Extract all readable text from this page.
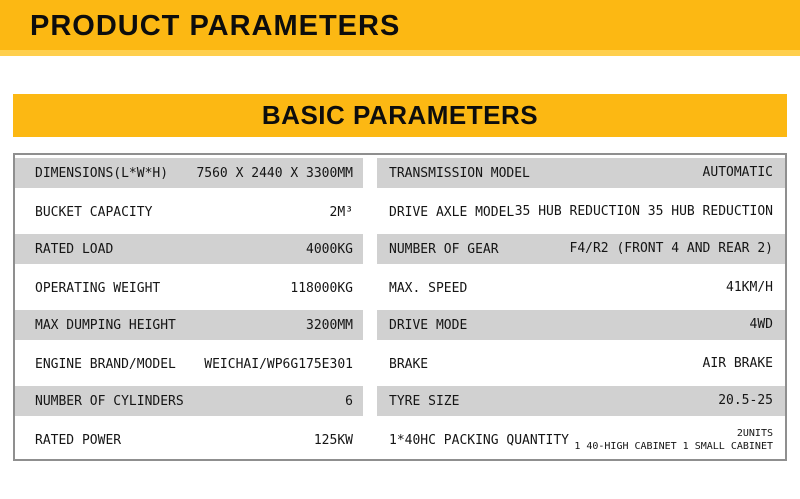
PRODUCT PARAMETERS
BASIC PARAMETERS
DIMENSIONS(L*W*H) 7560 X 2440 X 3300MM	TRANSMISSION MODEL	AUTOMATIC
BUCKET CAPACITY	2M³	DRIVE AXLE MODEL 35 HUB REDUCTION 35 HUB REDUCTION
RATED LOAD	4000KG	NUMBER OF GEAR	F4/R2 (FRONT 4 AND REAR 2)
OPERATING WEIGHT	118000KG	MAX. SPEED	41KM/H
MAX DUMPING HEIGHT	3200MM	DRIVE MODE	4WD
ENGINE BRAND/MODEL WEICHAI/WP6G175E301	BRAKE	AIR BRAKE
NUMBER OF CYLINDERS	6	TYRE SIZE	20.5-25
RATED POWER	125KW	1*40HC PACKING QUANTITY	2UNITS
1 40-HIGH CABINET 1 SMALL CABINET
